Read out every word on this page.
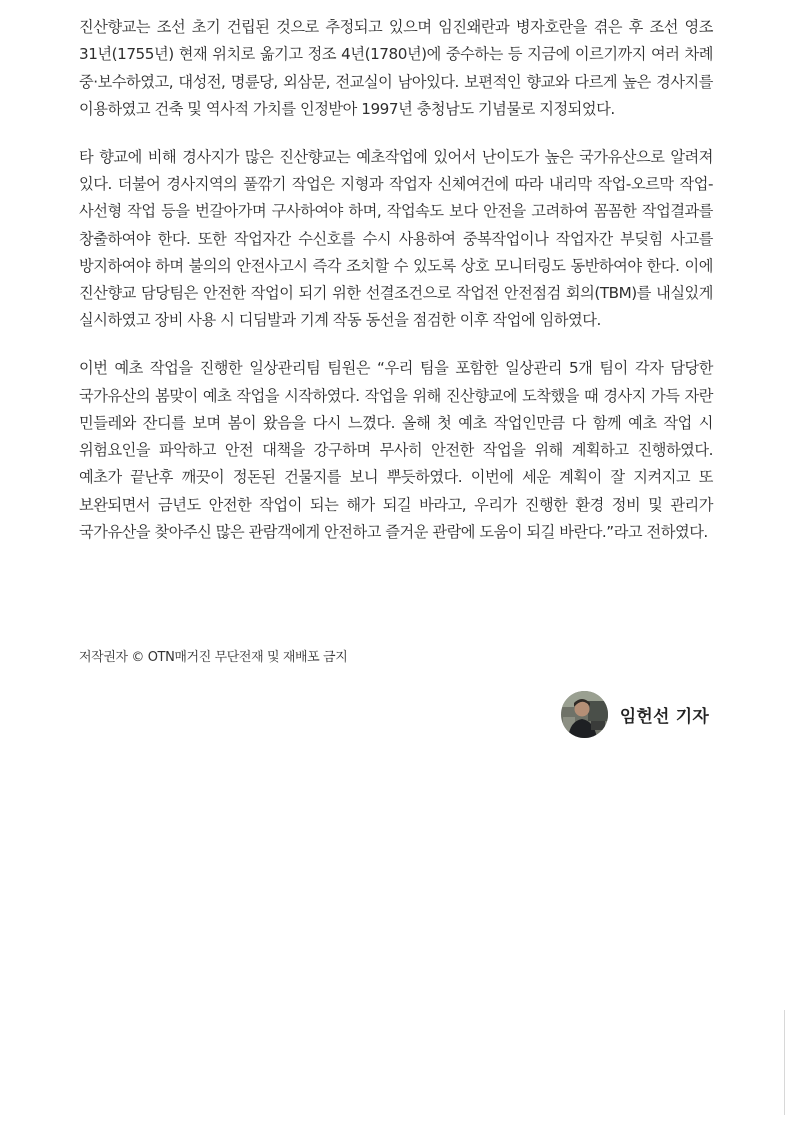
진산향교는 조선 초기 건립된 것으로 추정되고 있으며 임진왜란과 병자호란을 겪은 후 조선 영조 31년(1755년) 현재 위치로 옮기고 정조 4년(1780년)에 중수하는 등 지금에 이르기까지 여러 차례 중·보수하였고, 대성전, 명륜당, 외삼문, 전교실이 남아있다. 보편적인 향교와 다르게 높은 경사지를 이용하였고 건축 및 역사적 가치를 인정받아 1997년 충청남도 기념물로 지정되었다.

타 향교에 비해 경사지가 많은 진산향교는 예초작업에 있어서 난이도가 높은 국가유산으로 알려져 있다. 더불어 경사지역의 풀깎기 작업은 지형과 작업자 신체여건에 따라 내리막 작업-오르막 작업-사선형 작업 등을 번갈아가며 구사하여야 하며, 작업속도 보다 안전을 고려하여 꼼꼼한 작업결과를 창출하여야 한다. 또한 작업자간 수신호를 수시 사용하여 중복작업이나 작업자간 부딪힘 사고를 방지하여야 하며 불의의 안전사고시 즉각 조치할 수 있도록 상호 모니터링도 동반하여야 한다. 이에 진산향교 담당팀은 안전한 작업이 되기 위한 선결조건으로 작업전 안전점검 회의(TBM)를 내실있게 실시하였고 장비 사용 시 디딤발과 기계 작동 동선을 점검한 이후 작업에 임하였다.

이번 예초 작업을 진행한 일상관리팀 팀원은 “우리 팀을 포함한 일상관리 5개 팀이 각자 담당한 국가유산의 봄맞이 예초 작업을 시작하였다. 작업을 위해 진산향교에 도착했을 때 경사지 가득 자란 민들레와 잔디를 보며 봄이 왔음을 다시 느꼈다. 올해 첫 예초 작업인만큼 다 함께 예초 작업 시 위험요인을 파악하고 안전 대책을 강구하며 무사히 안전한 작업을 위해 계획하고 진행하였다. 예초가 끝난후 깨끗이 정돈된 건물지를 보니 뿌듯하였다. 이번에 세운 계획이 잘 지켜지고 또 보완되면서 금년도 안전한 작업이 되는 해가 되길 바라고, 우리가 진행한 환경 정비 및 관리가 국가유산을 찾아주신 많은 관람객에게 안전하고 즐거운 관람에 도움이 되길 바란다.”라고 전하였다.

저작권자 © OTN매거진 무단전재 및 재배포 금지
임헌선 기자
